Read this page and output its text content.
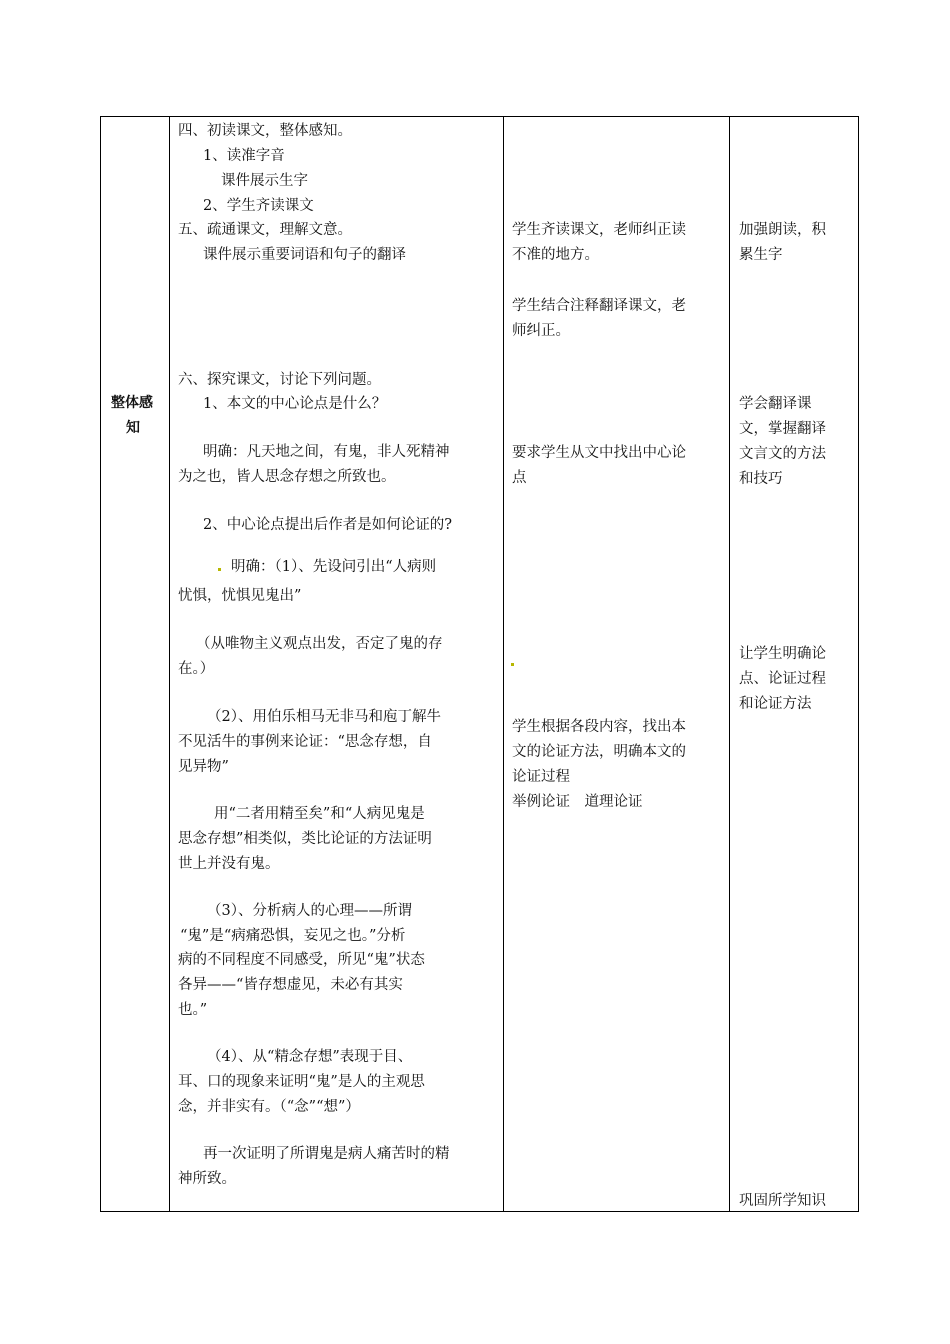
整体感
知
四、初读课文，整体感知。
1、读准字音
课件展示生字
2、学生齐读课文
五、疏通课文，理解文意。
课件展示重要词语和句子的翻译
六、探究课文，讨论下列问题。
1、本文的中心论点是什么？
明确：凡天地之间，有鬼，非人死精神
为之也，皆人思念存想之所致也。
2、中心论点提出后作者是如何论证的?
明确：（1）、先设问引出“人病则
忧惧，忧惧见鬼出”
（从唯物主义观点出发，否定了鬼的存
在。）
（2）、用伯乐相马无非马和庖丁解牛
不见活牛的事例来论证：“思念存想，自
见异物”
用“二者用精至矣”和“人病见鬼是
思念存想”相类似，类比论证的方法证明
世上并没有鬼。
（3）、分析病人的心理——所谓
“鬼”是“病痛恐惧，妄见之也。”分析
病的不同程度不同感受，所见“鬼”状态
各异——“皆存想虚见，未必有其实
也。”
（4）、从“精念存想”表现于目、
耳、口的现象来证明“鬼”是人的主观思
念，并非实有。（“念”“想”）
再一次证明了所谓鬼是病人痛苦时的精
神所致。
学生齐读课文，老师纠正读
不准的地方。
学生结合注释翻译课文，老
师纠正。
要求学生从文中找出中心论
点
学生根据各段内容，找出本
文的论证方法，明确本文的
论证过程
举例论证　道理论证
加强朗读，积
累生字
学会翻译课
文，掌握翻译
文言文的方法
和技巧
让学生明确论
点、论证过程
和论证方法
巩固所学知识
